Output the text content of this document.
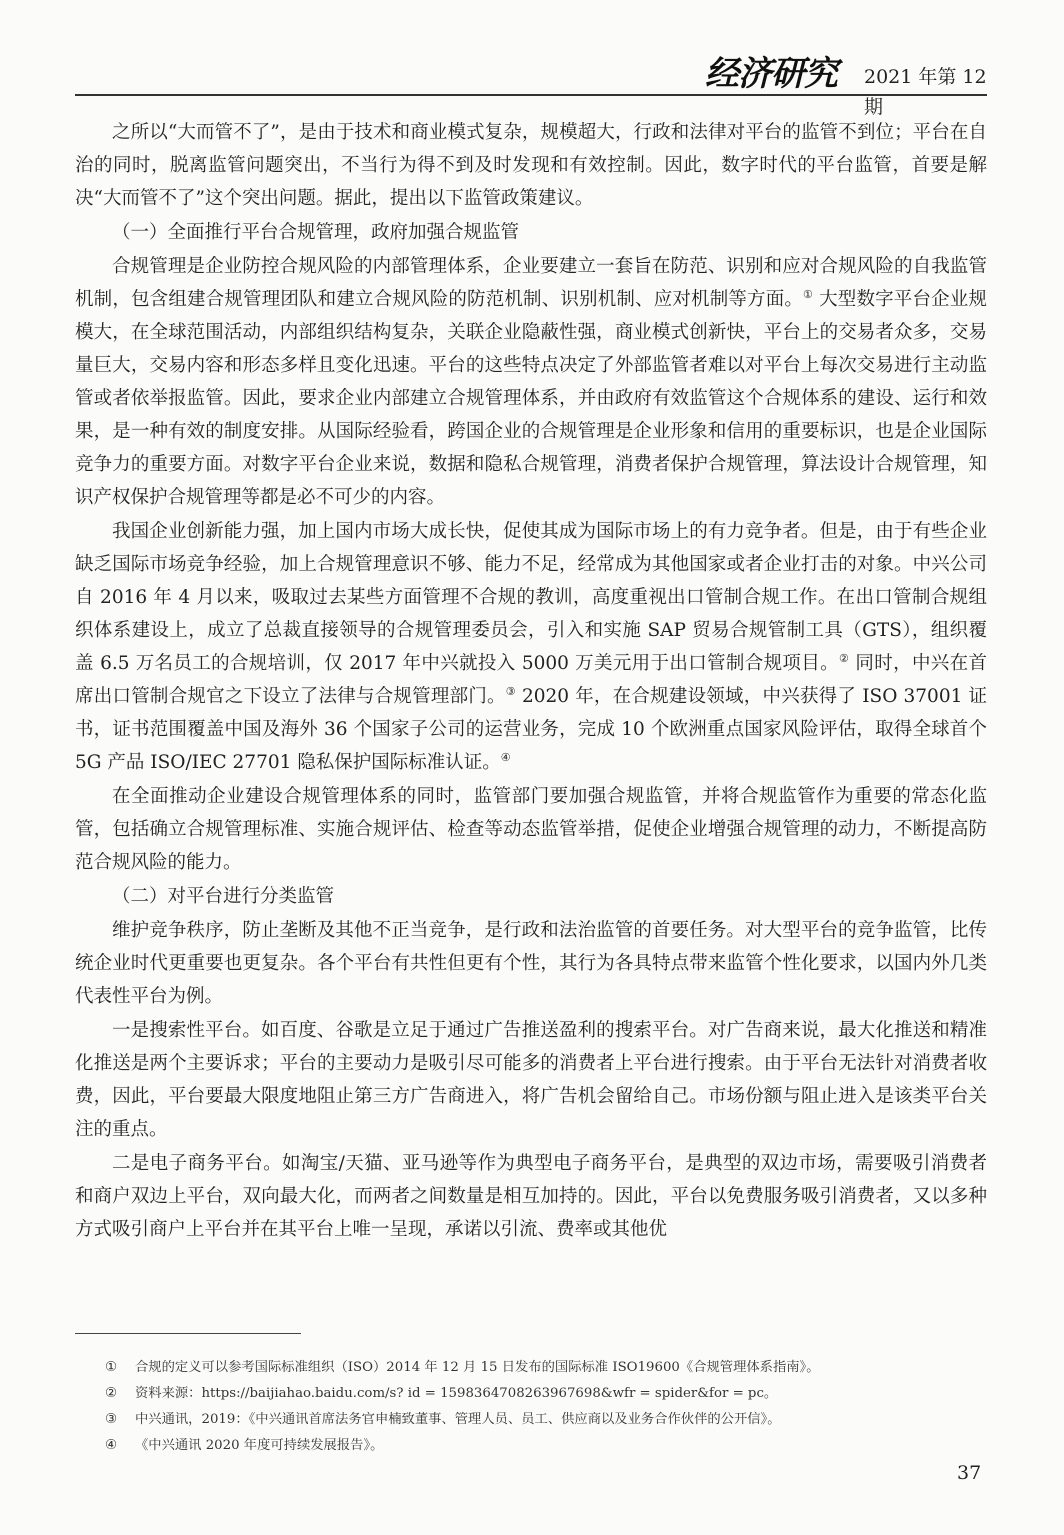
经济研究 2021 年第 12 期
之所以“大而管不了”，是由于技术和商业模式复杂，规模超大，行政和法律对平台的监管不到位；平台在自治的同时，脱离监管问题突出，不当行为得不到及时发现和有效控制。因此，数字时代的平台监管，首要是解决“大而管不了”这个突出问题。据此，提出以下监管政策建议。
（一）全面推行平台合规管理，政府加强合规监管
合规管理是企业防控合规风险的内部管理体系，企业要建立一套旨在防范、识别和应对合规风险的自我监管机制，包含组建合规管理团队和建立合规风险的防范机制、识别机制、应对机制等方面。① 大型数字平台企业规模大，在全球范围活动，内部组织结构复杂，关联企业隐蔽性强，商业模式创新快，平台上的交易者众多，交易量巨大，交易内容和形态多样且变化迅速。平台的这些特点决定了外部监管者难以对平台上每次交易进行主动监管或者依举报监管。因此，要求企业内部建立合规管理体系，并由政府有效监管这个合规体系的建设、运行和效果，是一种有效的制度安排。从国际经验看，跨国企业的合规管理是企业形象和信用的重要标识，也是企业国际竞争力的重要方面。对数字平台企业来说，数据和隐私合规管理，消费者保护合规管理，算法设计合规管理，知识产权保护合规管理等都是必不可少的内容。
我国企业创新能力强，加上国内市场大成长快，促使其成为国际市场上的有力竞争者。但是，由于有些企业缺乏国际市场竞争经验，加上合规管理意识不够、能力不足，经常成为其他国家或者企业打击的对象。中兴公司自 2016 年 4 月以来，吸取过去某些方面管理不合规的教训，高度重视出口管制合规工作。在出口管制合规组织体系建设上，成立了总裁直接领导的合规管理委员会，引入和实施 SAP 贸易合规管制工具（GTS），组织覆盖 6.5 万名员工的合规培训，仅 2017 年中兴就投入 5000 万美元用于出口管制合规项目。② 同时，中兴在首席出口管制合规官之下设立了法律与合规管理部门。③ 2020 年，在合规建设领域，中兴获得了 ISO 37001 证书，证书范围覆盖中国及海外 36 个国家子公司的运营业务，完成 10 个欧洲重点国家风险评估，取得全球首个 5G 产品 ISO/IEC 27701 隐私保护国际标准认证。④
在全面推动企业建设合规管理体系的同时，监管部门要加强合规监管，并将合规监管作为重要的常态化监管，包括确立合规管理标准、实施合规评估、检查等动态监管举措，促使企业增强合规管理的动力，不断提高防范合规风险的能力。
（二）对平台进行分类监管
维护竞争秩序，防止垄断及其他不正当竞争，是行政和法治监管的首要任务。对大型平台的竞争监管，比传统企业时代更重要也更复杂。各个平台有共性但更有个性，其行为各具特点带来监管个性化要求，以国内外几类代表性平台为例。
一是搜索性平台。如百度、谷歌是立足于通过广告推送盈利的搜索平台。对广告商来说，最大化推送和精准化推送是两个主要诉求；平台的主要动力是吸引尽可能多的消费者上平台进行搜索。由于平台无法针对消费者收费，因此，平台要最大限度地阻止第三方广告商进入，将广告机会留给自己。市场份额与阻止进入是该类平台关注的重点。
二是电子商务平台。如淘宝/天猫、亚马逊等作为典型电子商务平台，是典型的双边市场，需要吸引消费者和商户双边上平台，双向最大化，而两者之间数量是相互加持的。因此，平台以免费服务吸引消费者，又以多种方式吸引商户上平台并在其平台上唯一呈现，承诺以引流、费率或其他优
① 合规的定义可以参考国际标准组织（ISO）2014 年 12 月 15 日发布的国际标准 ISO19600《合规管理体系指南》。
② 资料来源：https://baijiahao.baidu.com/s? id = 1598364708263967698&wfr = spider&for = pc。
③ 中兴通讯，2019：《中兴通讯首席法务官申楠致董事、管理人员、员工、供应商以及业务合作伙伴的公开信》。
④ 《中兴通讯 2020 年度可持续发展报告》。
37
